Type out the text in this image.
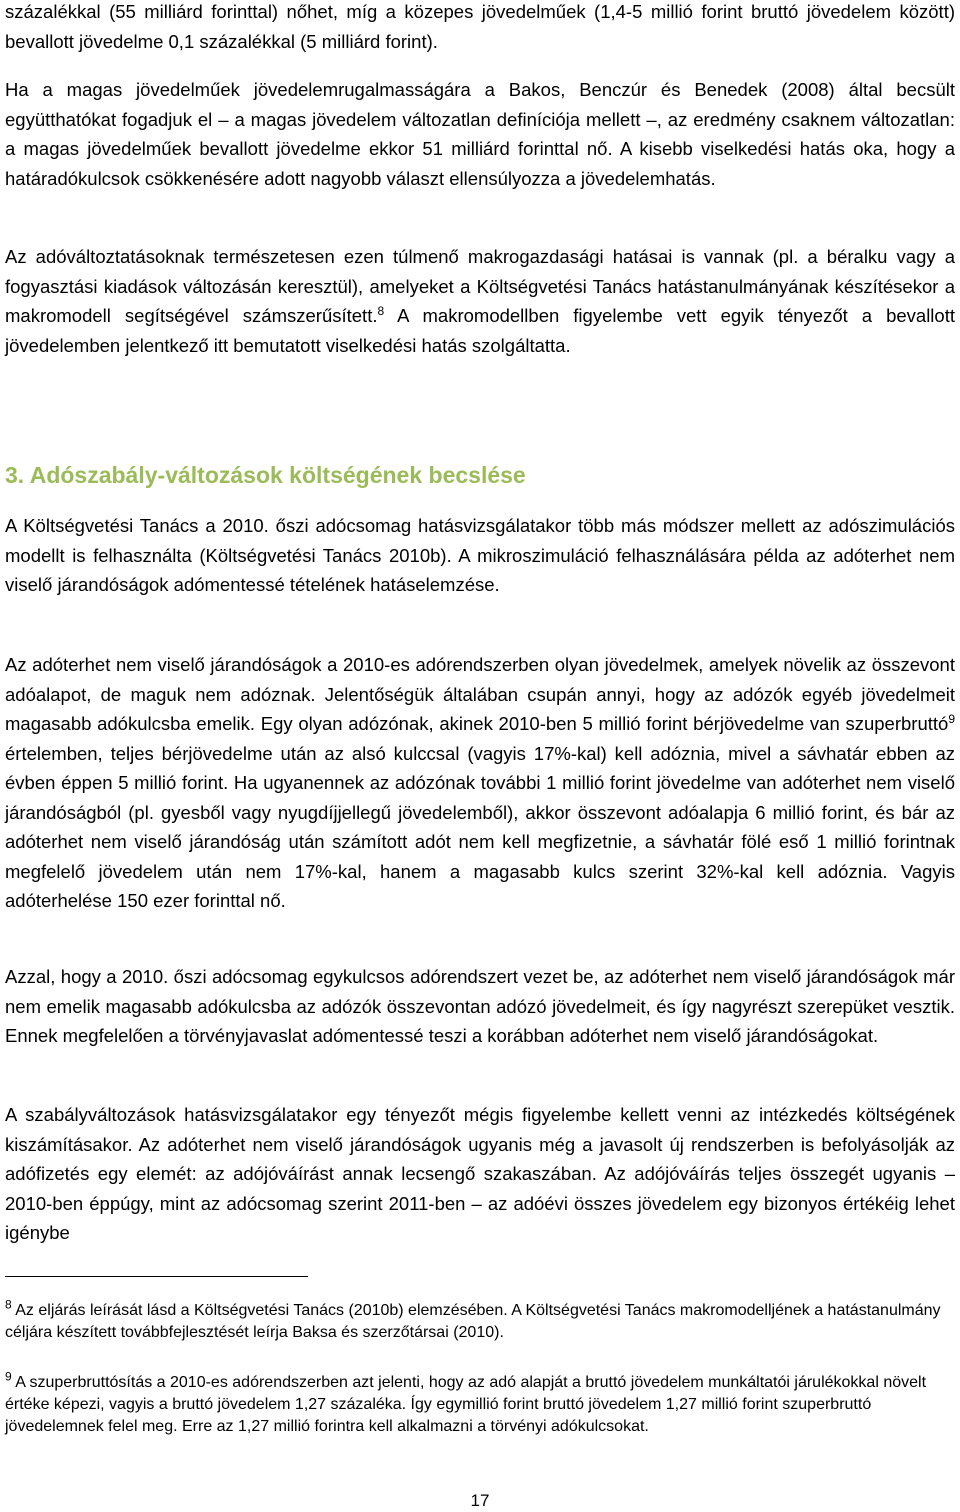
százalékkal (55 milliárd forinttal) nőhet, míg a közepes jövedelműek (1,4-5 millió forint bruttó jövedelem között) bevallott jövedelme 0,1 százalékkal (5 milliárd forint).

Ha a magas jövedelműek jövedelemrugalmasságára a Bakos, Benczúr és Benedek (2008) által becsült együtthatókat fogadjuk el – a magas jövedelem változatlan definíciója mellett –, az eredmény csaknem változatlan: a magas jövedelműek bevallott jövedelme ekkor 51 milliárd forinttal nő. A kisebb viselkedési hatás oka, hogy a határadókulcsok csökkenésére adott nagyobb választ ellensúlyozza a jövedelemhatás.

Az adóváltoztatásoknak természetesen ezen túlmenő makrogazdasági hatásai is vannak (pl. a béralku vagy a fogyasztási kiadások változásán keresztül), amelyeket a Költségvetési Tanács hatástanulmányának készítésekor a makromodell segítségével számszerűsített.$^8$ A makromodellben figyelembe vett egyik tényezőt a bevallott jövedelemben jelentkező itt bemutatott viselkedési hatás szolgáltatta.

3. Adószabály-változások költségének becslése

A Költségvetési Tanács a 2010. őszi adócsomag hatásvizsgálatakor több más módszer mellett az adószimulációs modellt is felhasználta (Költségvetési Tanács 2010b). A mikroszimuláció felhasználására példa az adóterhet nem viselő járandóságok adómentessé tételének hatáselemzése.

Az adóterhet nem viselő járandóságok a 2010-es adórendszerben olyan jövedelmek, amelyek növelik az összevont adóalapot, de maguk nem adóznak. Jelentőségük általában csupán annyi, hogy az adózók egyéb jövedelmeit magasabb adókulcsba emelik. Egy olyan adózónak, akinek 2010-ben 5 millió forint bérjövedelme van szuperbruttó$^9$ értelemben, teljes bérjövedelme után az alsó kulccsal (vagyis 17%-kal) kell adóznia, mivel a sávhatár ebben az évben éppen 5 millió forint. Ha ugyanennek az adózónak további 1 millió forint jövedelme van adóterhet nem viselő járandóságból (pl. gyesből vagy nyugdíjjellegű jövedelemből), akkor összevont adóalapja 6 millió forint, és bár az adóterhet nem viselő járandóság után számított adót nem kell megfizetnie, a sávhatár fölé eső 1 millió forintnak megfelelő jövedelem után nem 17%-kal, hanem a magasabb kulcs szerint 32%-kal kell adóznia. Vagyis adóterhelése 150 ezer forinttal nő.

Azzal, hogy a 2010. őszi adócsomag egykulcsos adórendszert vezet be, az adóterhet nem viselő járandóságok már nem emelik magasabb adókulcsba az adózók összevontan adózó jövedelmeit, és így nagyrészt szerepüket vesztik. Ennek megfelelően a törvényjavaslat adómentessé teszi a korábban adóterhet nem viselő járandóságokat.

A szabályváltozások hatásvizsgálatakor egy tényezőt mégis figyelembe kellett venni az intézkedés költségének kiszámításakor. Az adóterhet nem viselő járandóságok ugyanis még a javasolt új rendszerben is befolyásolják az adófizetés egy elemét: az adójóváírást annak lecsengő szakaszában. Az adójóváírás teljes összegét ugyanis – 2010-ben éppúgy, mint az adócsomag szerint 2011-ben – az adóévi összes jövedelem egy bizonyos értékéig lehet igénybe

$^8$ Az eljárás leírását lásd a Költségvetési Tanács (2010b) elemzésében. A Költségvetési Tanács makromodelljének a hatástanulmány céljára készített továbbfejlesztését leírja Baksa és szerzőtársai (2010).

$^9$ A szuperbruttósítás a 2010-es adórendszerben azt jelenti, hogy az adó alapját a bruttó jövedelem munkáltatói járulékokkal növelt értéke képezi, vagyis a bruttó jövedelem 1,27 százaléka. Így egymillió forint bruttó jövedelem 1,27 millió forint szuperbruttó jövedelemnek felel meg. Erre az 1,27 millió forintra kell alkalmazni a törvényi adókulcsokat.

17
